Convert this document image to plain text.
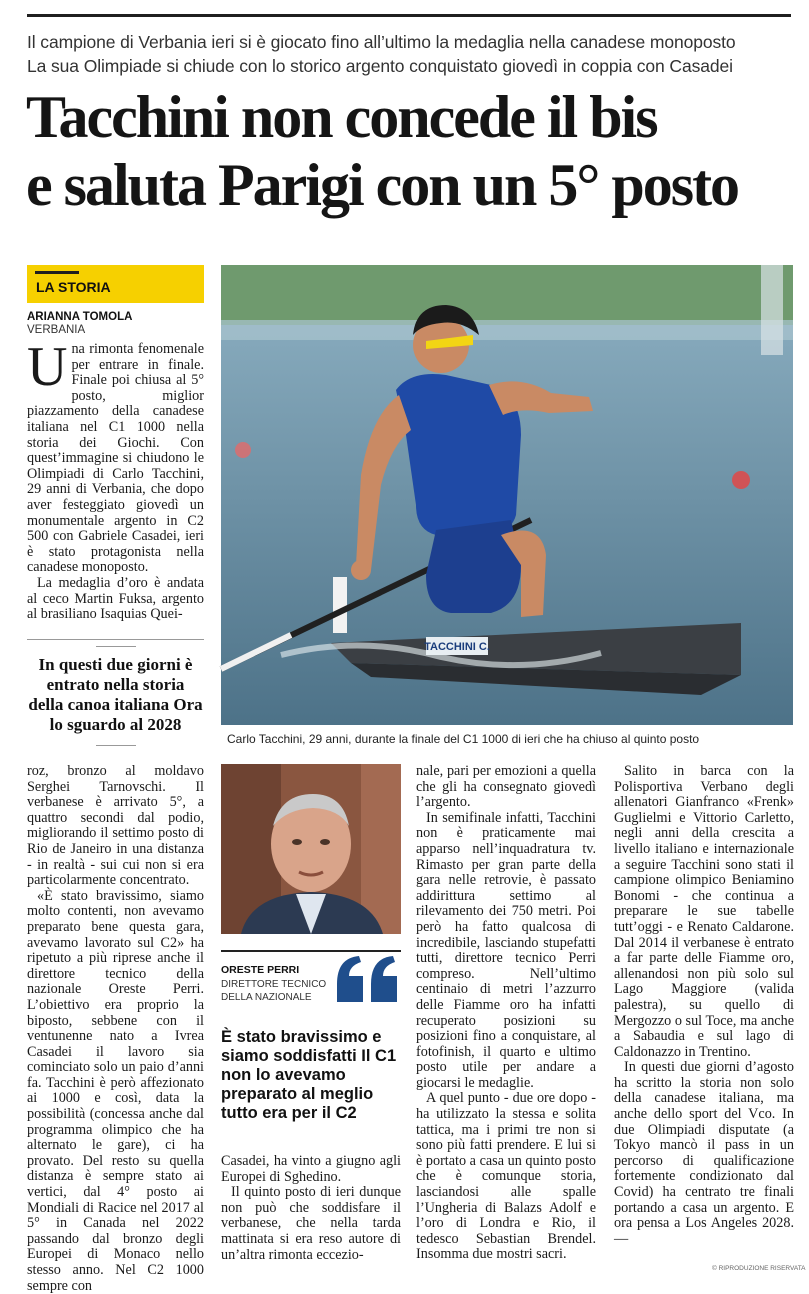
Il campione di Verbania ieri si è giocato fino all’ultimo la medaglia nella canadese monoposto
La sua Olimpiade si chiude con lo storico argento conquistato giovedì in coppia con Casadei
Tacchini non concede il bis
e saluta Parigi con un 5° posto
LA STORIA
ARIANNA TOMOLA
VERBANIA

Una rimonta fenomenale per entrare in finale. Finale poi chiusa al 5° posto, miglior piazzamento della canadese italiana nel C1 1000 nella storia dei Giochi. Con quest’immagine si chiudono le Olimpiadi di Carlo Tacchini, 29 anni di Verbania, che dopo aver festeggiato giovedì un monumentale argento in C2 500 con Gabriele Casadei, ieri è stato protagonista nella canadese monoposto.

La medaglia d’oro è andata al ceco Martin Fuksa, argento al brasiliano Isaquias Quei-

In questi due giorni è entrato nella storia della canoa italiana Ora lo sguardo al 2028
TACCHINI C.
Carlo Tacchini, 29 anni, durante la finale del C1 1000 di ieri che ha chiuso al quinto posto

roz, bronzo al moldavo Serghei Tarnovschi. Il verbanese è arrivato 5°, a quattro secondi dal podio, migliorando il settimo posto di Rio de Janeiro in una distanza - in realtà - sui cui non si era particolarmente concentrato.

«È stato bravissimo, siamo molto contenti, non avevamo preparato bene questa gara, avevamo lavorato sul C2» ha ripetuto a più riprese anche il direttore tecnico della nazionale Oreste Perri. L’obiettivo era proprio la biposto, sebbene con il ventunenne nato a Ivrea Casadei il lavoro sia cominciato solo un paio d’anni fa. Tacchini è però affezionato ai 1000 e così, data la possibilità (concessa anche dal programma olimpico che ha alternato le gare), ci ha provato. Del resto su quella distanza è sempre stato ai vertici, dal 4° posto ai Mondiali di Racice nel 2017 al 5° in Canada nel 2022 passando dal bronzo degli Europei di Monaco nello stesso anno. Nel C2 1000 sempre con

ORESTE PERRI
DIRETTORE TECNICO DELLA NAZIONALE
È stato bravissimo e siamo soddisfatti Il C1 non lo avevamo preparato al meglio tutto era per il C2

Casadei, ha vinto a giugno agli Europei di Sghedino.

Il quinto posto di ieri dunque non può che soddisfare il verbanese, che nella tarda mattinata si era reso autore di un’altra rimonta eccezio-

nale, pari per emozioni a quella che gli ha consegnato giovedì l’argento.

In semifinale infatti, Tacchini non è praticamente mai apparso nell’inquadratura tv. Rimasto per gran parte della gara nelle retrovie, è passato addirittura settimo al rilevamento dei 750 metri. Poi però ha fatto qualcosa di incredibile, lasciando stupefatti tutti, direttore tecnico Perri compreso. Nell’ultimo centinaio di metri l’azzurro delle Fiamme oro ha infatti recuperato posizioni su posizioni fino a conquistare, al fotofinish, il quarto e ultimo posto utile per andare a giocarsi le medaglie.

A quel punto - due ore dopo - ha utilizzato la stessa e solita tattica, ma i primi tre non si sono più fatti prendere. E lui si è portato a casa un quinto posto che è comunque storia, lasciandosi alle spalle l’Ungheria di Balazs Adolf e l’oro di Londra e Rio, il tedesco Sebastian Brendel. Insomma due mostri sacri.

Salito in barca con la Polisportiva Verbano degli allenatori Gianfranco «Frenk» Guglielmi e Vittorio Carletto, negli anni della crescita a livello italiano e internazionale a seguire Tacchini sono stati il campione olimpico Beniamino Bonomi - che continua a preparare le sue tabelle tutt’oggi - e Renato Caldarone. Dal 2014 il verbanese è entrato a far parte delle Fiamme oro, allenandosi non più solo sul Lago Maggiore (valida palestra), su quello di Mergozzo o sul Toce, ma anche a Sabaudia e sul lago di Caldonazzo in Trentino.

In questi due giorni d’agosto ha scritto la storia non solo della canadese italiana, ma anche dello sport del Vco. In due Olimpiadi disputate (a Tokyo mancò il pass in un percorso di qualificazione fortemente condizionato dal Covid) ha centrato tre finali portando a casa un argento. E ora pensa a Los Angeles 2028. —

© RIPRODUZIONE RISERVATA
